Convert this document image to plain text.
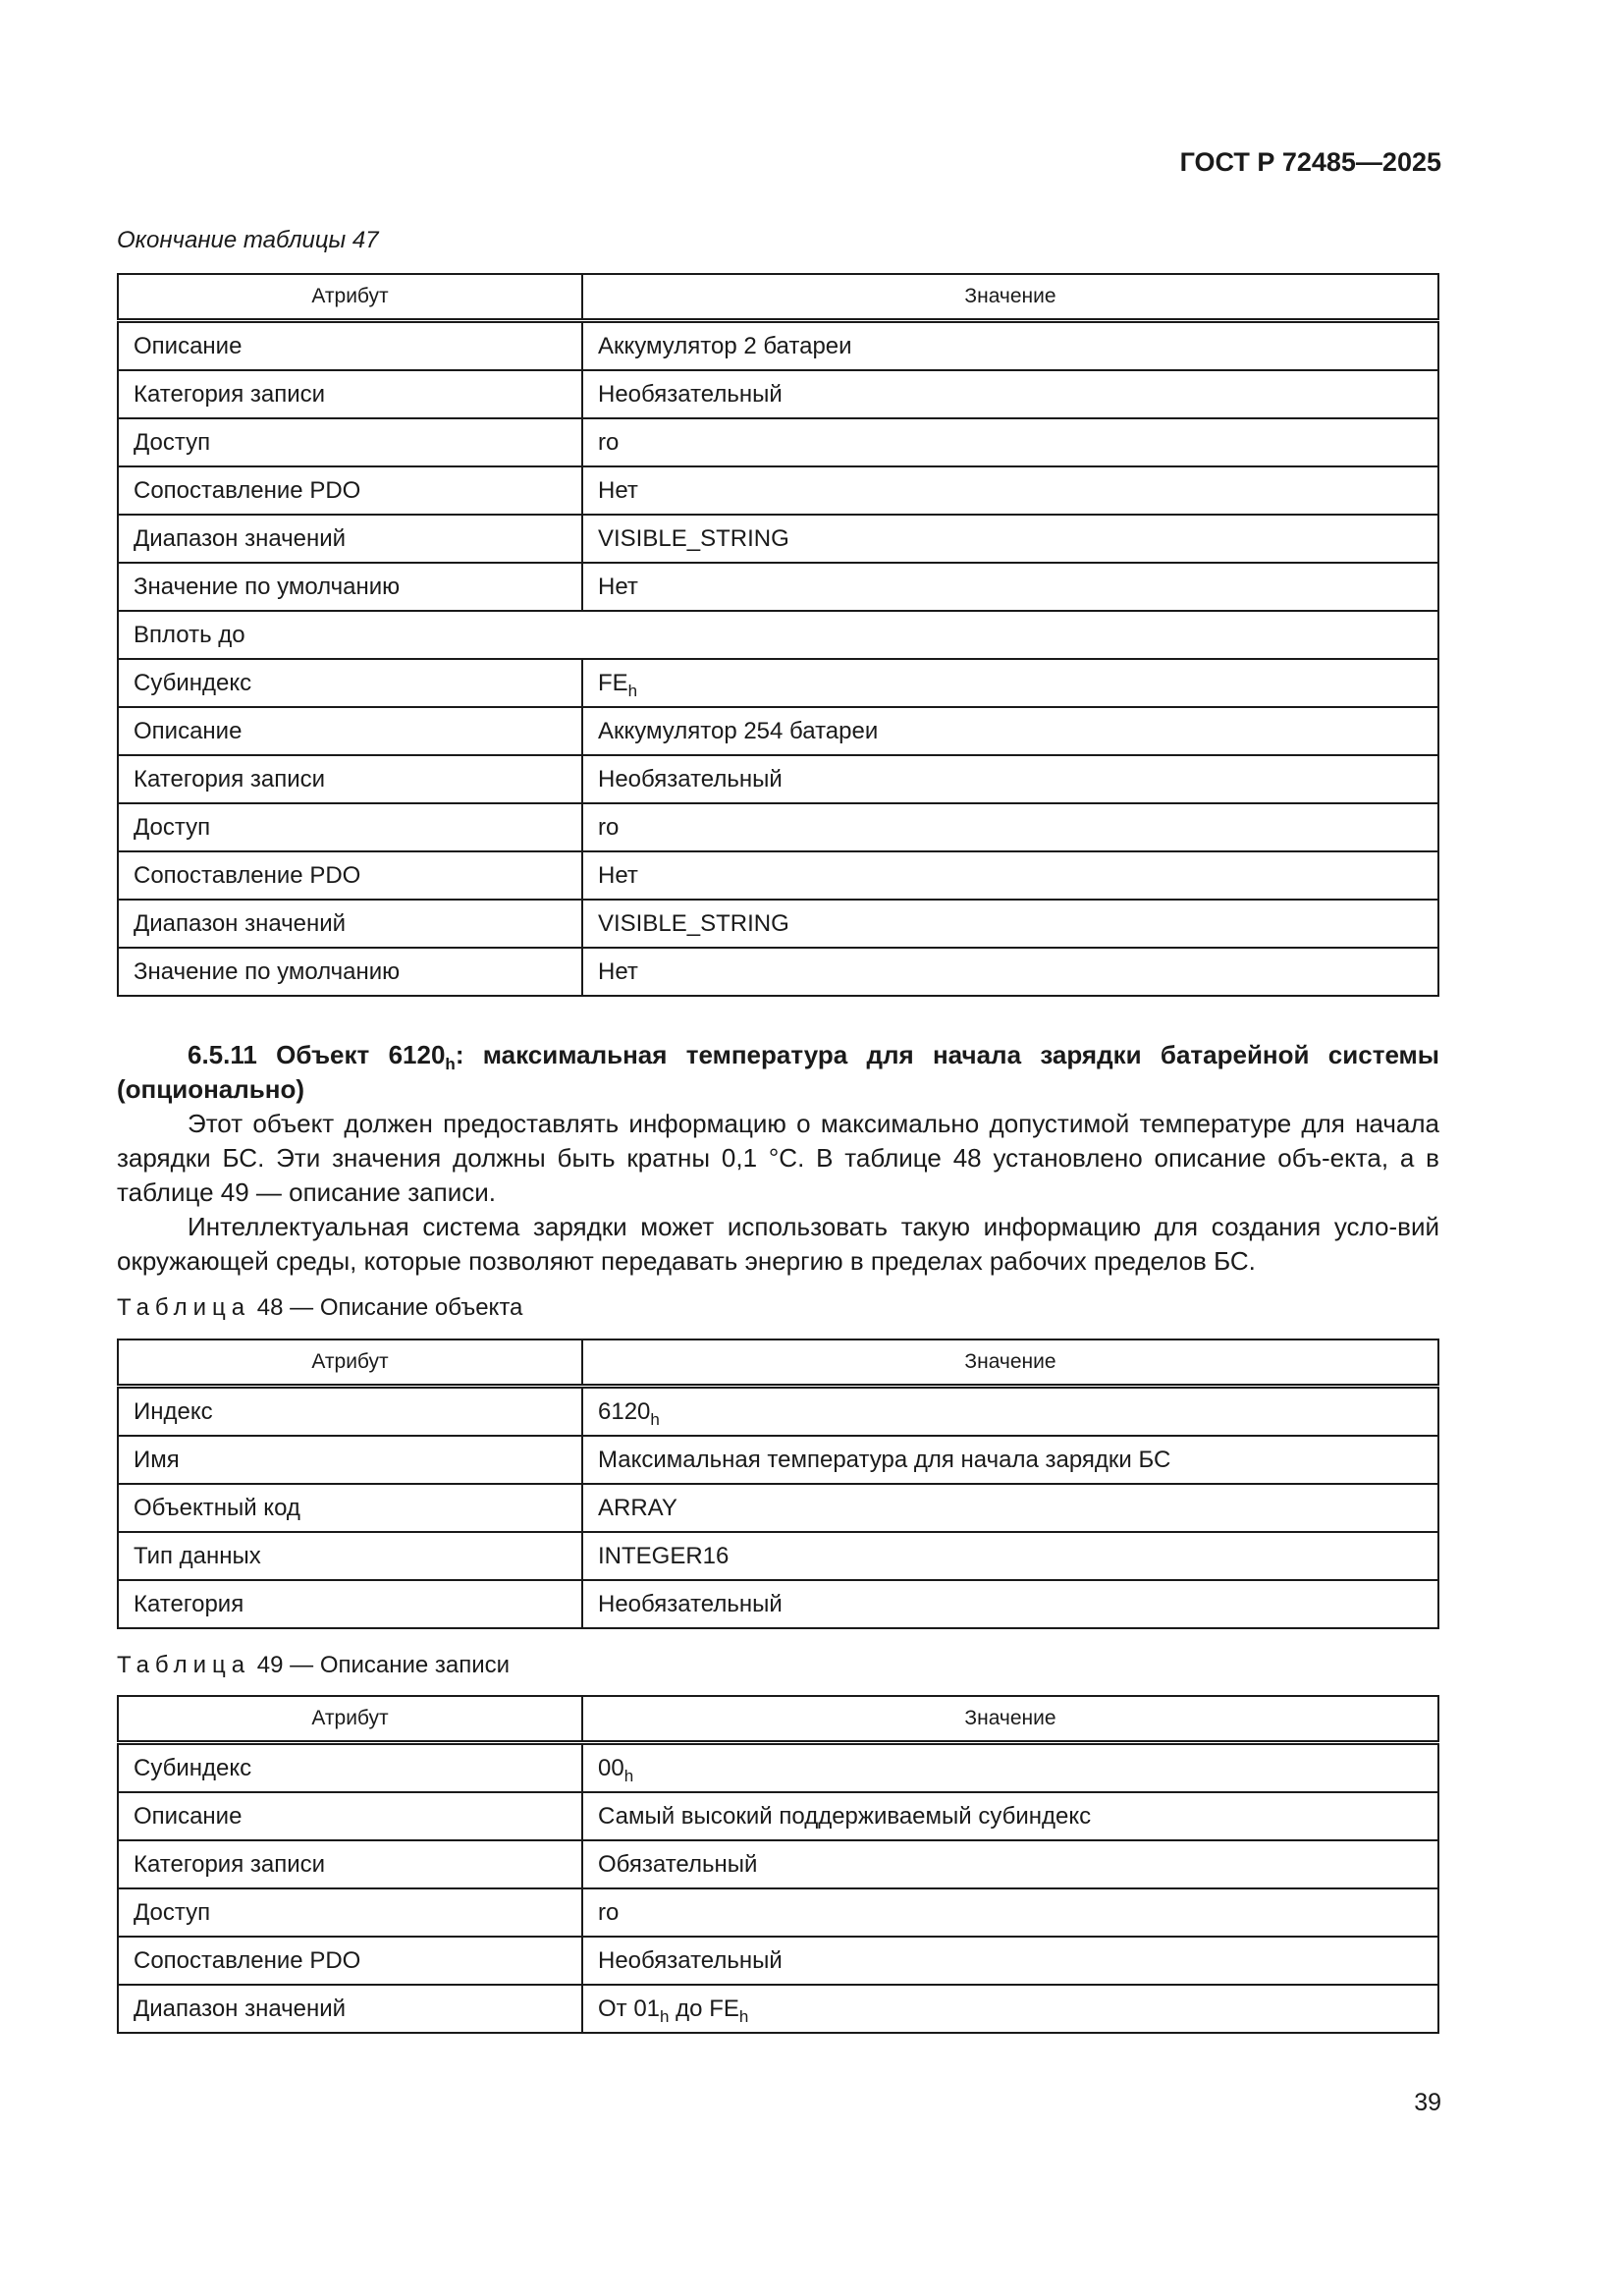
ГОСТ Р 72485—2025
Окончание таблицы 47
Атрибут	Значение
Описание	Аккумулятор 2 батареи
Категория записи	Необязательный
Доступ	ro
Сопоставление PDO	Нет
Диапазон значений	VISIBLE_STRING
Значение по умолчанию	Нет
Вплоть до	
Субиндекс	$FE_h$
Описание	Аккумулятор 254 батареи
Категория записи	Необязательный
Доступ	ro
Сопоставление PDO	Нет
Диапазон значений	VISIBLE_STRING
Значение по умолчанию	Нет

6.5.11 Объект $6120_h$: максимальная температура для начала зарядки батарейной системы (опционально)

Этот объект должен предоставлять информацию о максимально допустимой температуре для начала зарядки БС. Эти значения должны быть кратны 0,1 °С. В таблице 48 установлено описание объ-екта, а в таблице 49 — описание записи.

Интеллектуальная система зарядки может использовать такую информацию для создания усло-вий окружающей среды, которые позволяют передавать энергию в пределах рабочих пределов БС.

Таблица 48 — Описание объекта
Атрибут	Значение
Индекс	$6120_h$
Имя	Максимальная температура для начала зарядки БС
Объектный код	ARRAY
Тип данных	INTEGER16
Категория	Необязательный
Таблица 49 — Описание записи
Атрибут	Значение
Субиндекс	$00_h$
Описание	Самый высокий поддерживаемый субиндекс
Категория записи	Обязательный
Доступ	ro
Сопоставление PDO	Необязательный
Диапазон значений	От $01_h$ до $FE_h$
39
